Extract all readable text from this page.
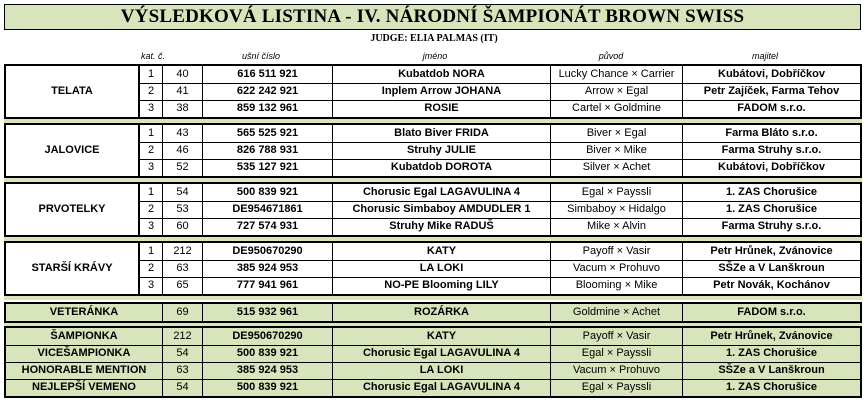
VÝSLEDKOVÁ LISTINA - IV. NÁRODNÍ ŠAMPIONÁT BROWN SWISS
JUDGE: ELIA PALMAS (IT)
kat. č.	ušní číslo	jméno	původ	majitel
TELATA
1	40	616 511 921	Kubatdob NORA	Lucky Chance × Carrier	Kubátovi, Dobříčkov
2	41	622 242 921	Inplem Arrow JOHANA	Arrow × Egal	Petr Zajíček, Farma Tehov
3	38	859 132 961	ROSIE	Cartel × Goldmine	FADOM s.r.o.
JALOVICE
1	43	565 525 921	Blato Biver FRIDA	Biver × Egal	Farma Bláto s.r.o.
2	46	826 788 931	Struhy JULIE	Biver × Mike	Farma Struhy s.r.o.
3	52	535 127 921	Kubatdob DOROTA	Silver × Achet	Kubátovi, Dobříčkov
PRVOTELKY
1	54	500 839 921	Chorusic Egal LAGAVULINA 4	Egal × Payssli	1. ZAS Chorušice
2	53	DE954671861	Chorusic Simbaboy AMDUDLER 1	Simbaboy × Hidalgo	1. ZAS Chorušice
3	60	727 574 931	Struhy Mike RADUŠ	Mike × Alvin	Farma Struhy s.r.o.
STARŠÍ KRÁVY
1	212	DE950670290	KATY	Payoff × Vasir	Petr Hrůnek, Zvánovice
2	63	385 924 953	LA LOKI	Vacum × Prohuvo	SŠZe a V Lanškroun
3	65	777 941 961	NO-PE Blooming LILY	Blooming × Mike	Petr Novák, Kochánov
VETERÁNKA	69	515 932 961	ROZÁRKA	Goldmine × Achet	FADOM s.r.o.
ŠAMPIONKA	212	DE950670290	KATY	Payoff × Vasir	Petr Hrůnek, Zvánovice
VICEŠAMPIONKA	54	500 839 921	Chorusic Egal LAGAVULINA 4	Egal × Payssli	1. ZAS Chorušice
HONORABLE MENTION	63	385 924 953	LA LOKI	Vacum × Prohuvo	SŠZe a V Lanškroun
NEJLEPŠÍ VEMENO	54	500 839 921	Chorusic Egal LAGAVULINA 4	Egal × Payssli	1. ZAS Chorušice
